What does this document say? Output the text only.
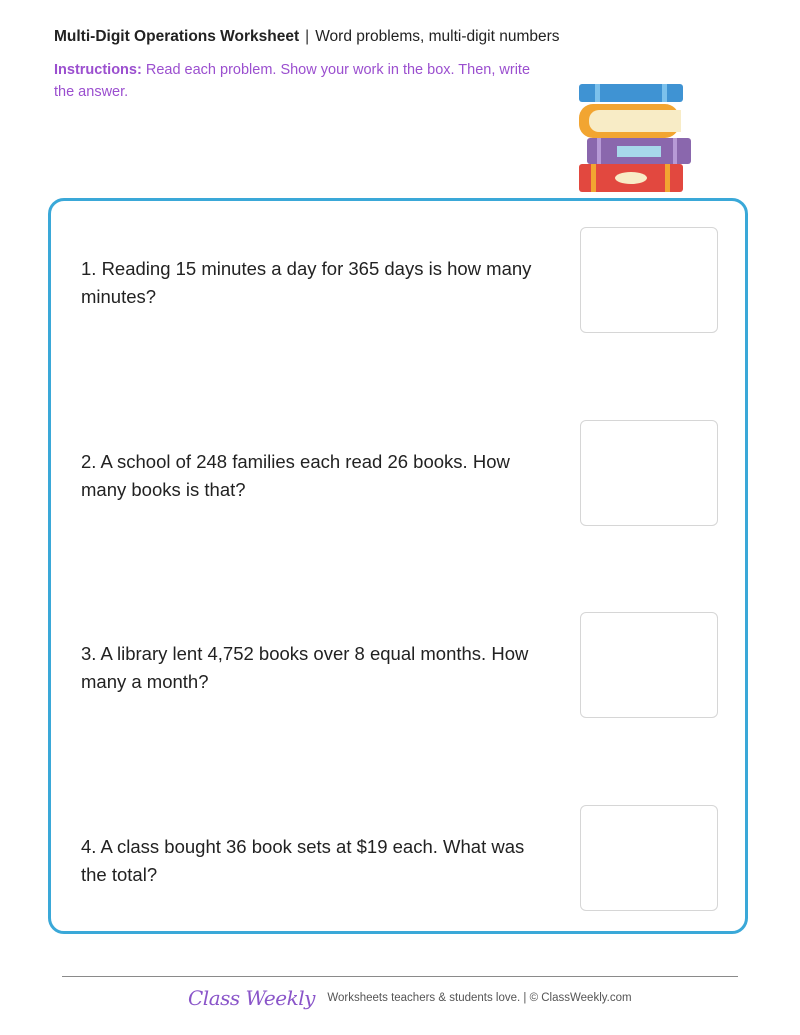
Multi-Digit Operations Worksheet | Word problems, multi-digit numbers
Instructions: Read each problem. Show your work in the box. Then, write the answer.
1. Reading 15 minutes a day for 365 days is how many minutes?
2. A school of 248 families each read 26 books. How many books is that?
3. A library lent 4,752 books over 8 equal months. How many a month?
4. A class bought 36 book sets at $19 each. What was the total?
Class Weekly Worksheets teachers & students love. | © ClassWeekly.com
